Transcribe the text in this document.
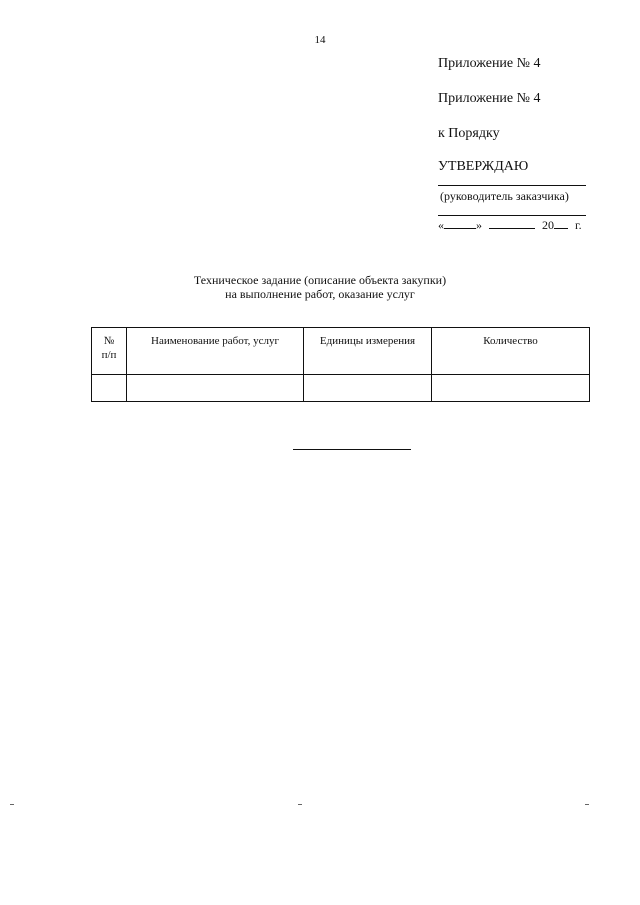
14
Приложение № 4
Приложение № 4
к Порядку
УТВЕРЖДАЮ
(руководитель заказчика)
«	»	20 г.
Техническое задание (описание объекта закупки)
на выполнение работ, оказание услуг
№
п/п	Наименование работ, услуг	Единицы измерения	Количество
